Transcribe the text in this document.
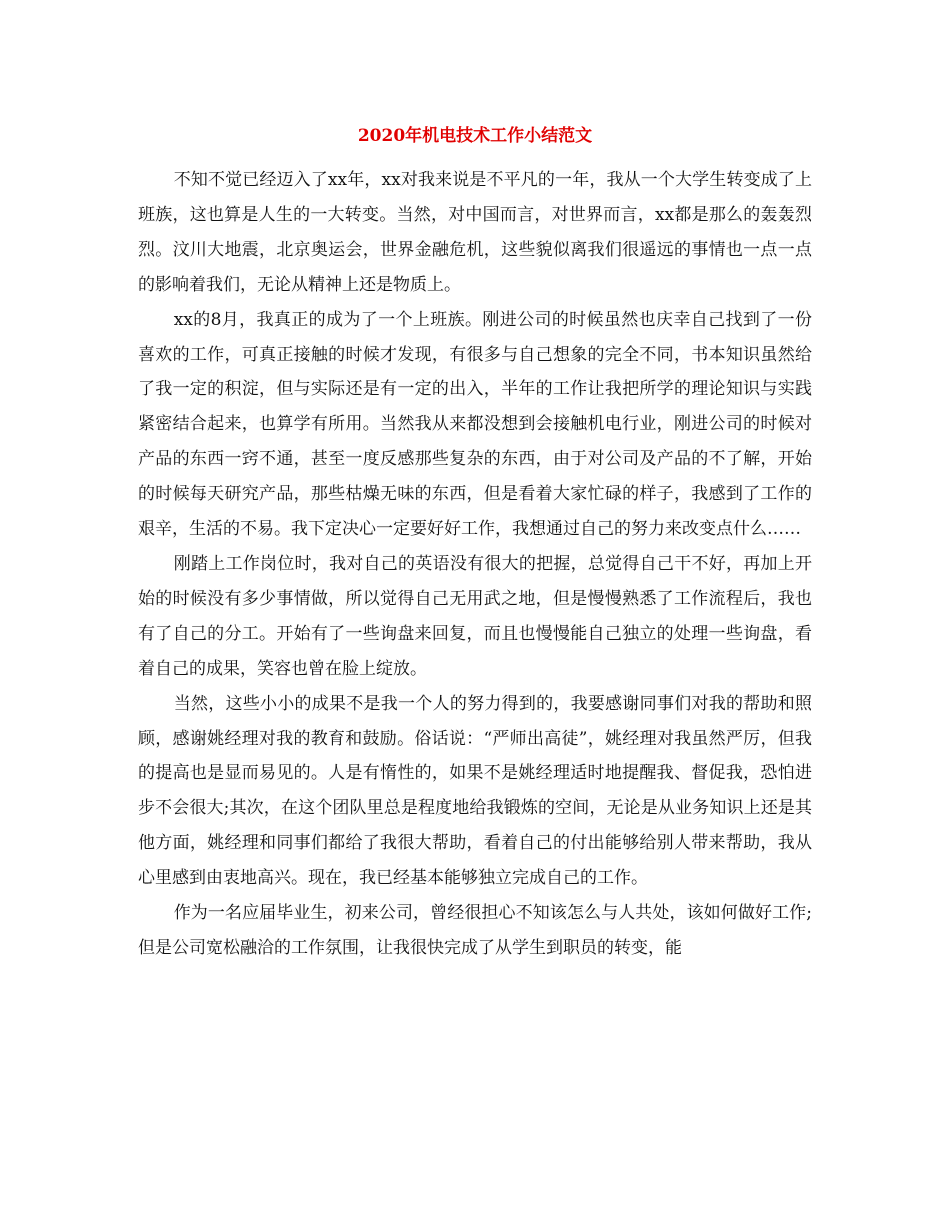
2020年机电技术工作小结范文

不知不觉已经迈入了xx年，xx对我来说是不平凡的一年，我从一个大学生转变成了上班族，这也算是人生的一大转变。当然，对中国而言，对世界而言，xx都是那么的轰轰烈烈。汶川大地震，北京奥运会，世界金融危机，这些貌似离我们很遥远的事情也一点一点的影响着我们，无论从精神上还是物质上。

xx的8月，我真正的成为了一个上班族。刚进公司的时候虽然也庆幸自己找到了一份喜欢的工作，可真正接触的时候才发现，有很多与自己想象的完全不同，书本知识虽然给了我一定的积淀，但与实际还是有一定的出入，半年的工作让我把所学的理论知识与实践紧密结合起来，也算学有所用。当然我从来都没想到会接触机电行业，刚进公司的时候对产品的东西一窍不通，甚至一度反感那些复杂的东西，由于对公司及产品的不了解，开始的时候每天研究产品，那些枯燥无味的东西，但是看着大家忙碌的样子，我感到了工作的艰辛，生活的不易。我下定决心一定要好好工作，我想通过自己的努力来改变点什么……

刚踏上工作岗位时，我对自己的英语没有很大的把握，总觉得自己干不好，再加上开始的时候没有多少事情做，所以觉得自己无用武之地，但是慢慢熟悉了工作流程后，我也有了自己的分工。开始有了一些询盘来回复，而且也慢慢能自己独立的处理一些询盘，看着自己的成果，笑容也曾在脸上绽放。

当然，这些小小的成果不是我一个人的努力得到的，我要感谢同事们对我的帮助和照顾，感谢姚经理对我的教育和鼓励。俗话说：“严师出高徒”，姚经理对我虽然严厉，但我的提高也是显而易见的。人是有惰性的，如果不是姚经理适时地提醒我、督促我，恐怕进步不会很大;其次，在这个团队里总是程度地给我锻炼的空间，无论是从业务知识上还是其他方面，姚经理和同事们都给了我很大帮助，看着自己的付出能够给别人带来帮助，我从心里感到由衷地高兴。现在，我已经基本能够独立完成自己的工作。

作为一名应届毕业生，初来公司，曾经很担心不知该怎么与人共处，该如何做好工作;但是公司宽松融洽的工作氛围，让我很快完成了从学生到职员的转变，能
